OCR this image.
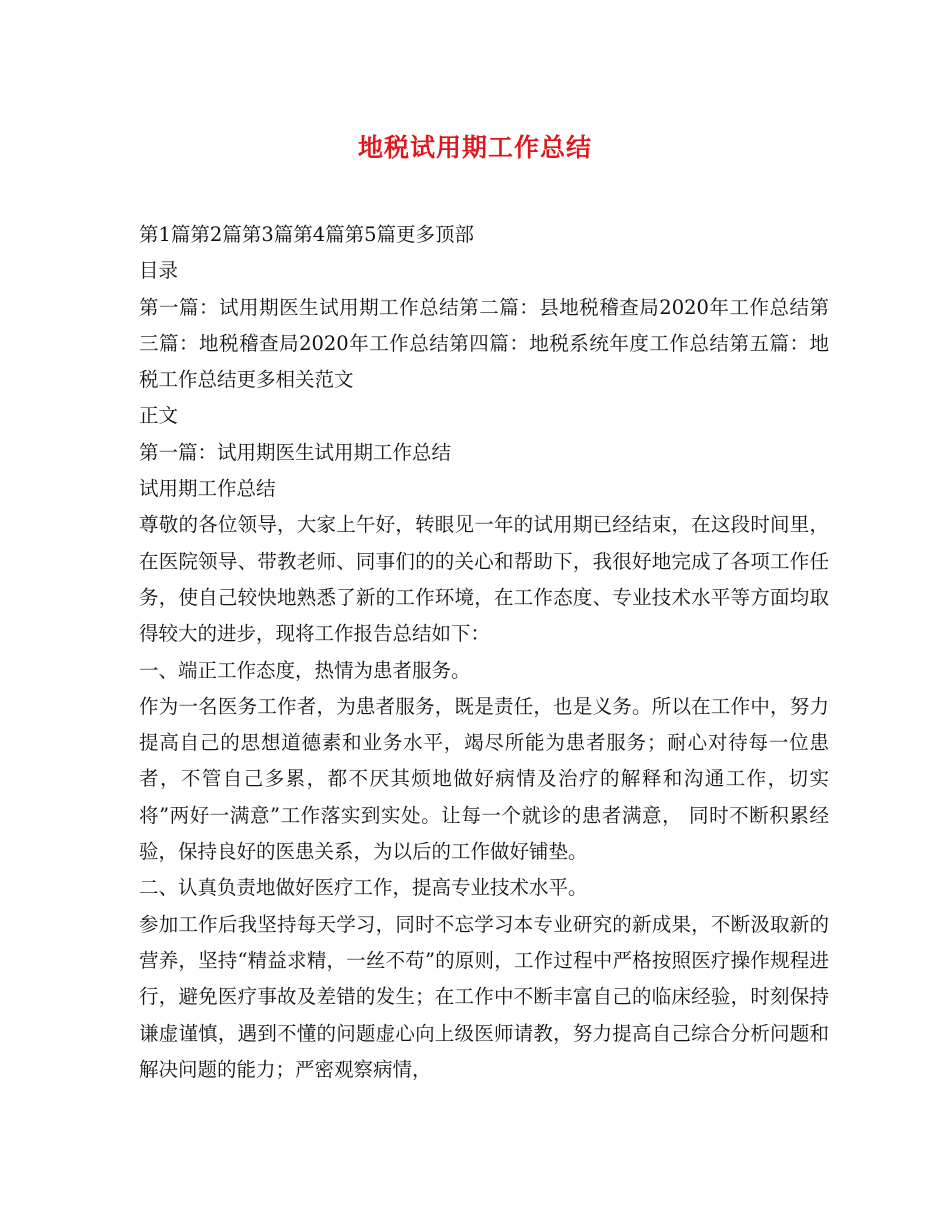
地税试用期工作总结

第1篇第2篇第3篇第4篇第5篇更多顶部

目录

第一篇：试用期医生试用期工作总结第二篇：县地税稽查局2020年工作总结第三篇：地税稽查局2020年工作总结第四篇：地税系统年度工作总结第五篇：地税工作总结更多相关范文

正文

第一篇：试用期医生试用期工作总结

试用期工作总结

尊敬的各位领导，大家上午好，转眼见一年的试用期已经结束，在这段时间里，在医院领导、带教老师、同事们的的关心和帮助下，我很好地完成了各项工作任务，使自己较快地熟悉了新的工作环境，在工作态度、专业技术水平等方面均取得较大的进步，现将工作报告总结如下：

一、端正工作态度，热情为患者服务。

作为一名医务工作者，为患者服务，既是责任，也是义务。所以在工作中，努力提高自己的思想道德素和业务水平，竭尽所能为患者服务；耐心对待每一位患者，不管自己多累，都不厌其烦地做好病情及治疗的解释和沟通工作，切实将”两好一满意”工作落实到实处。让每一个就诊的患者满意， 同时不断积累经验，保持良好的医患关系，为以后的工作做好铺垫。

二、认真负责地做好医疗工作，提高专业技术水平。

参加工作后我坚持每天学习，同时不忘学习本专业研究的新成果，不断汲取新的营养，坚持“精益求精，一丝不苟”的原则，工作过程中严格按照医疗操作规程进行，避免医疗事故及差错的发生；在工作中不断丰富自己的临床经验，时刻保持谦虚谨慎，遇到不懂的问题虚心向上级医师请教，努力提高自己综合分析问题和解决问题的能力；严密观察病情，
